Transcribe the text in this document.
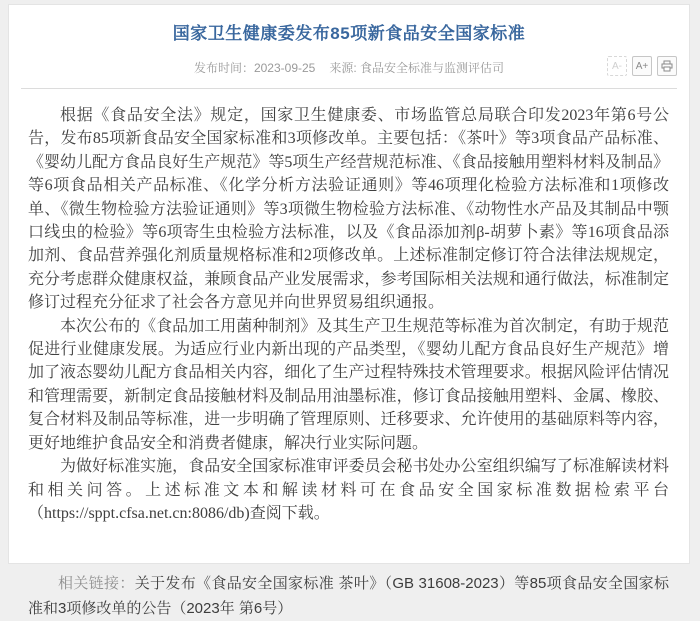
国家卫生健康委发布85项新食品安全国家标准
发布时间：2023-09-25 来源: 食品安全标准与监测评估司	A-	A+

根据《食品安全法》规定，国家卫生健康委、市场监管总局联合印发2023年第6号公告，发布85项新食品安全国家标准和3项修改单。主要包括：《茶叶》等3项食品产品标准、《婴幼儿配方食品良好生产规范》等5项生产经营规范标准、《食品接触用塑料材料及制品》等6项食品相关产品标准、《化学分析方法验证通则》等46项理化检验方法标准和1项修改单、《微生物检验方法验证通则》等3项微生物检验方法标准、《动物性水产品及其制品中颚口线虫的检验》等6项寄生虫检验方法标准，以及《食品添加剂β-胡萝卜素》等16项食品添加剂、食品营养强化剂质量规格标准和2项修改单。上述标准制定修订符合法律法规规定，充分考虑群众健康权益，兼顾食品产业发展需求，参考国际相关法规和通行做法，标准制定修订过程充分征求了社会各方意见并向世界贸易组织通报。

本次公布的《食品加工用菌种制剂》及其生产卫生规范等标准为首次制定，有助于规范促进行业健康发展。为适应行业内新出现的产品类型，《婴幼儿配方食品良好生产规范》增加了液态婴幼儿配方食品相关内容，细化了生产过程特殊技术管理要求。根据风险评估情况和管理需要，新制定食品接触材料及制品用油墨标准，修订食品接触用塑料、金属、橡胶、复合材料及制品等标准，进一步明确了管理原则、迁移要求、允许使用的基础原料等内容，更好地维护食品安全和消费者健康，解决行业实际问题。

为做好标准实施，食品安全国家标准审评委员会秘书处办公室组织编写了标准解读材料和相关问答。上述标准文本和解读材料可在食品安全国家标准数据检索平台（https://sppt.cfsa.net.cn:8086/db)查阅下载。

相关链接：关于发布《食品安全国家标准 茶叶》（GB 31608-2023）等85项食品安全国家标准和3项修改单的公告（2023年 第6号）
